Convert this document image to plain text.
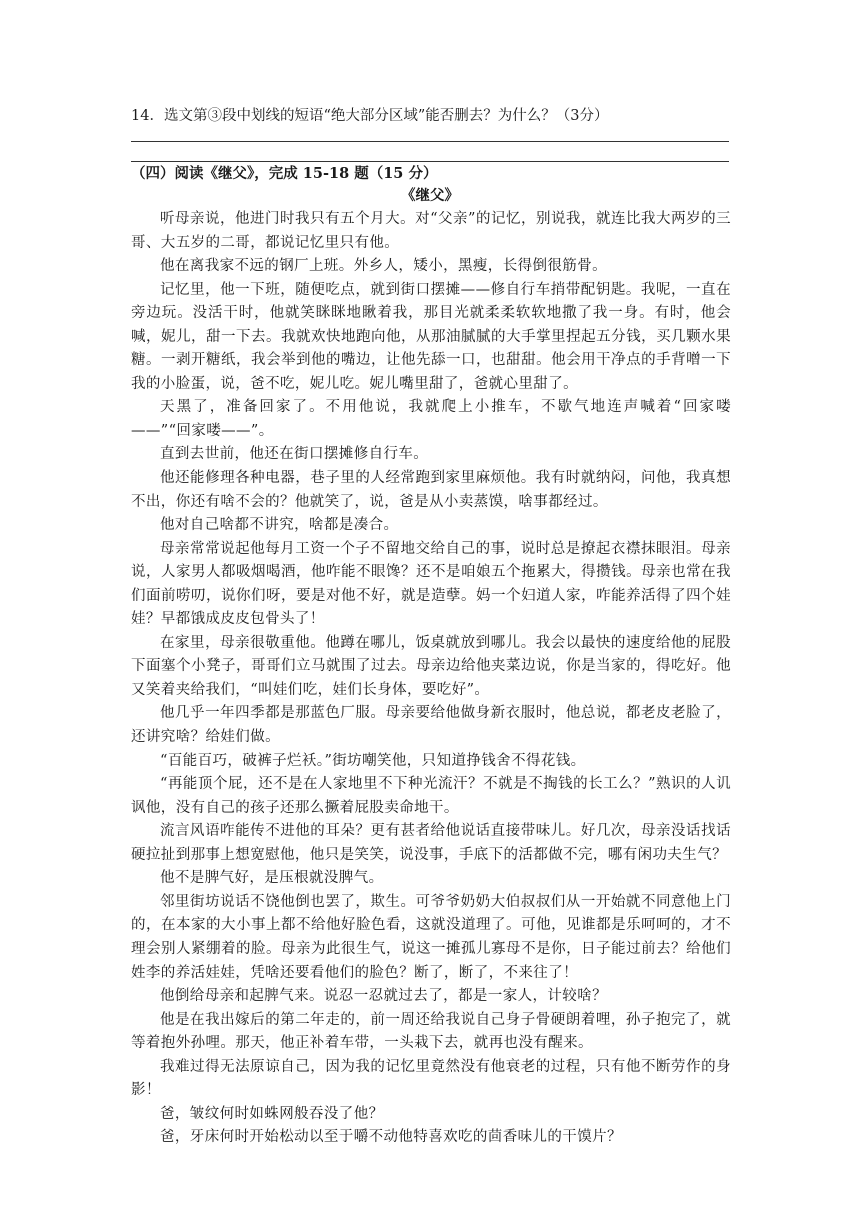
14．选文第③段中划线的短语“绝大部分区域”能否删去？为什么？（3分）
（四）阅读《继父》，完成 15-18 题（15 分）
《继父》

听母亲说，他进门时我只有五个月大。对“父亲”的记忆，别说我，就连比我大两岁的三哥、大五岁的二哥，都说记忆里只有他。

他在离我家不远的钢厂上班。外乡人，矮小，黑瘦，长得倒很筋骨。

记忆里，他一下班，随便吃点，就到街口摆摊——修自行车捎带配钥匙。我呢，一直在旁边玩。没活干时，他就笑眯眯地瞅着我，那目光就柔柔软软地撒了我一身。有时，他会喊，妮儿，甜一下去。我就欢快地跑向他，从那油腻腻的大手掌里捏起五分钱，买几颗水果糖。一剥开糖纸，我会举到他的嘴边，让他先舔一口，也甜甜。他会用干净点的手背噌一下我的小脸蛋，说，爸不吃，妮儿吃。妮儿嘴里甜了，爸就心里甜了。

天黑了，准备回家了。不用他说，我就爬上小推车，不歇气地连声喊着“回家喽——”“回家喽——”。

直到去世前，他还在街口摆摊修自行车。

他还能修理各种电器，巷子里的人经常跑到家里麻烦他。我有时就纳闷，问他，我真想不出，你还有啥不会的？他就笑了，说，爸是从小卖蒸馍，啥事都经过。

他对自己啥都不讲究，啥都是凑合。

母亲常常说起他每月工资一个子不留地交给自己的事，说时总是撩起衣襟抹眼泪。母亲说，人家男人都吸烟喝酒，他咋能不眼馋？还不是咱娘五个拖累大，得攒钱。母亲也常在我们面前唠叨，说你们呀，要是对他不好，就是造孽。妈一个妇道人家，咋能养活得了四个娃娃？早都饿成皮皮包骨头了！

在家里，母亲很敬重他。他蹲在哪儿，饭桌就放到哪儿。我会以最快的速度给他的屁股下面塞个小凳子，哥哥们立马就围了过去。母亲边给他夹菜边说，你是当家的，得吃好。他又笑着夹给我们，“叫娃们吃，娃们长身体，要吃好”。

他几乎一年四季都是那蓝色厂服。母亲要给他做身新衣服时，他总说，都老皮老脸了，还讲究啥？给娃们做。

“百能百巧，破裤子烂袄。”街坊嘲笑他，只知道挣钱舍不得花钱。

“再能顶个屁，还不是在人家地里不下种光流汗？不就是不掏钱的长工么？”熟识的人讥讽他，没有自己的孩子还那么撅着屁股卖命地干。

流言风语咋能传不进他的耳朵？更有甚者给他说话直接带味儿。好几次，母亲没话找话硬拉扯到那事上想宽慰他，他只是笑笑，说没事，手底下的活都做不完，哪有闲功夫生气？

他不是脾气好，是压根就没脾气。

邻里街坊说话不饶他倒也罢了，欺生。可爷爷奶奶大伯叔叔们从一开始就不同意他上门的，在本家的大小事上都不给他好脸色看，这就没道理了。可他，见谁都是乐呵呵的，才不理会别人紧绷着的脸。母亲为此很生气，说这一摊孤儿寡母不是你，日子能过前去？给他们姓李的养活娃娃，凭啥还要看他们的脸色？断了，断了，不来往了！

他倒给母亲和起脾气来。说忍一忍就过去了，都是一家人，计较啥？

他是在我出嫁后的第二年走的，前一周还给我说自己身子骨硬朗着哩，孙子抱完了，就等着抱外孙哩。那天，他正补着车带，一头栽下去，就再也没有醒来。

我难过得无法原谅自己，因为我的记忆里竟然没有他衰老的过程，只有他不断劳作的身影！

爸，皱纹何时如蛛网般吞没了他？

爸，牙床何时开始松动以至于嚼不动他特喜欢吃的茴香味儿的干馍片？
